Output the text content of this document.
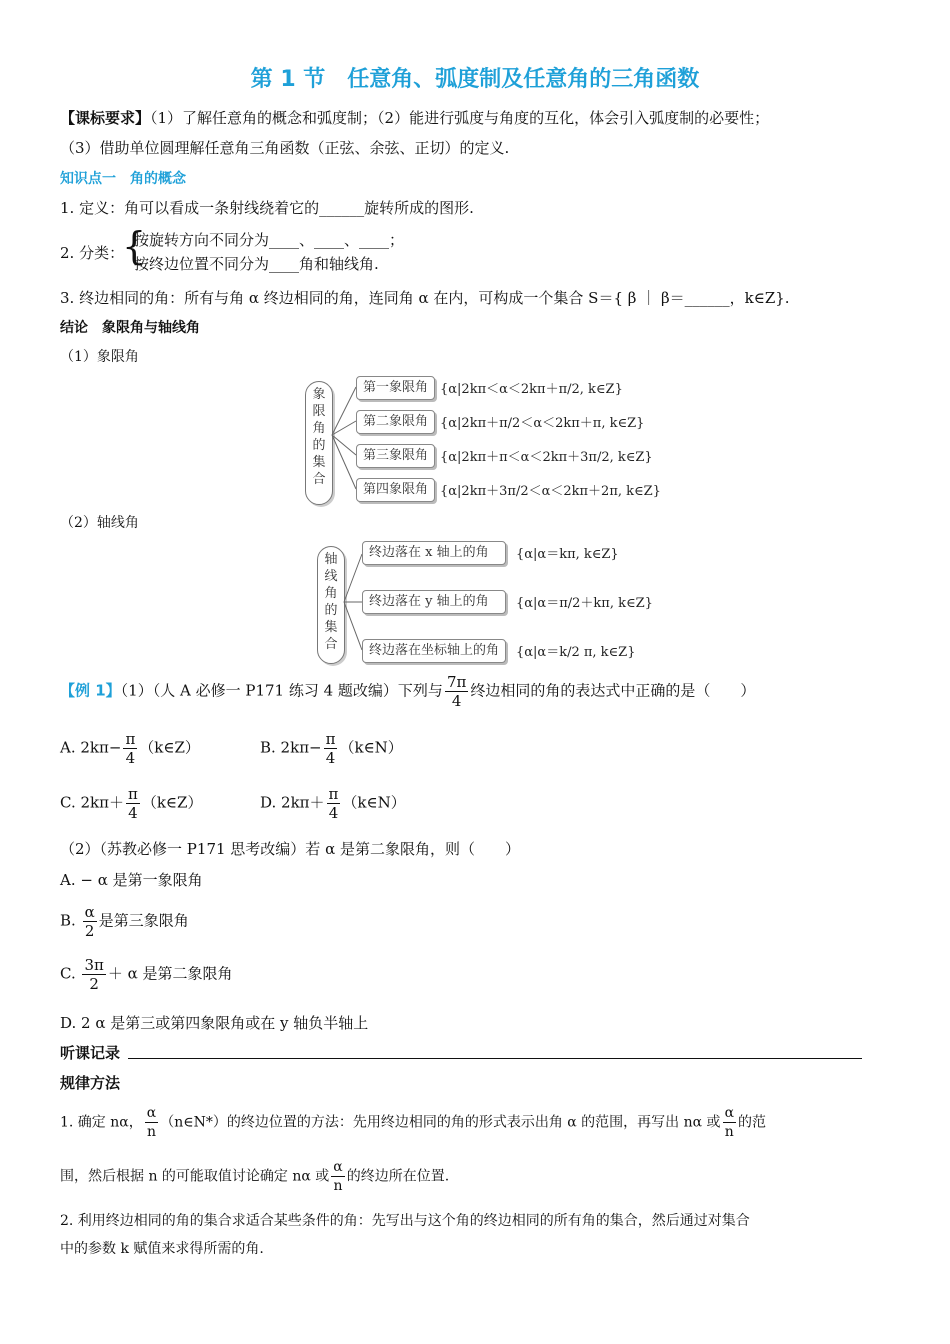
第 1 节　任意角、弧度制及任意角的三角函数
【课标要求】（1）了解任意角的概念和弧度制；（2）能进行弧度与角度的互化，体会引入弧度制的必要性；
（3）借助单位圆理解任意角三角函数（正弦、余弦、正切）的定义.
知识点一　角的概念
1. 定义：角可以看成一条射线绕着它的______旋转所成的图形.
2. 分类：
{
按旋转方向不同分为____、____、____；
按终边位置不同分为____角和轴线角.
3. 终边相同的角：所有与角 α 终边相同的角，连同角 α 在内，可构成一个集合 S＝{ β ｜ β＝______，k∈Z}.
结论　象限角与轴线角
（1）象限角
象
限
角
的
集
合
第一象限角 {α|2kπ＜α＜2kπ＋π/2, k∈Z}
第二象限角 {α|2kπ＋π/2＜α＜2kπ＋π, k∈Z}
第三象限角 {α|2kπ＋π＜α＜2kπ＋3π/2, k∈Z}
第四象限角 {α|2kπ＋3π/2＜α＜2kπ＋2π, k∈Z}
（2）轴线角
轴
线
角
的
集
合
终边落在 x 轴上的角	{α|α＝kπ, k∈Z}
终边落在 y 轴上的角	{α|α＝π/2＋kπ, k∈Z}
终边落在坐标轴上的角	{α|α＝k/2 π, k∈Z}
【例 1】（1）（人 A 必修一 P171 练习 4 题改编）下列与 $\frac{7\pi}{4}$ 终边相同的角的表达式中正确的是（　　）
A. $2k\pi- \frac{\pi}{4}$ （k∈Z）	B. $2k\pi- \frac{\pi}{4}$ （k∈N）
C. $2k\pi+ \frac{\pi}{4}$ （k∈Z）	D. $2k\pi+ \frac{\pi}{4}$ （k∈N）
（2）（苏教必修一 P171 思考改编）若 α 是第二象限角，则（　　）
A. − α 是第一象限角
B. $\frac{\alpha}{2}$ 是第三象限角
C. $\frac{3\pi}{2} + \alpha$ 是第二象限角
D. 2 α 是第三或第四象限角或在 y 轴负半轴上
听课记录
规律方法
1. 确定 nα， $\frac{\alpha}{n}$ （n∈N*）的终边位置的方法：先用终边相同的角的形式表示出角 α 的范围，再写出 nα 或 $\frac{\alpha}{n}$ 的范
围，然后根据 n 的可能取值讨论确定 nα 或 $\frac{\alpha}{n}$ 的终边所在位置.
2. 利用终边相同的角的集合求适合某些条件的角：先写出与这个角的终边相同的所有角的集合，然后通过对集合
中的参数 k 赋值来求得所需的角.
